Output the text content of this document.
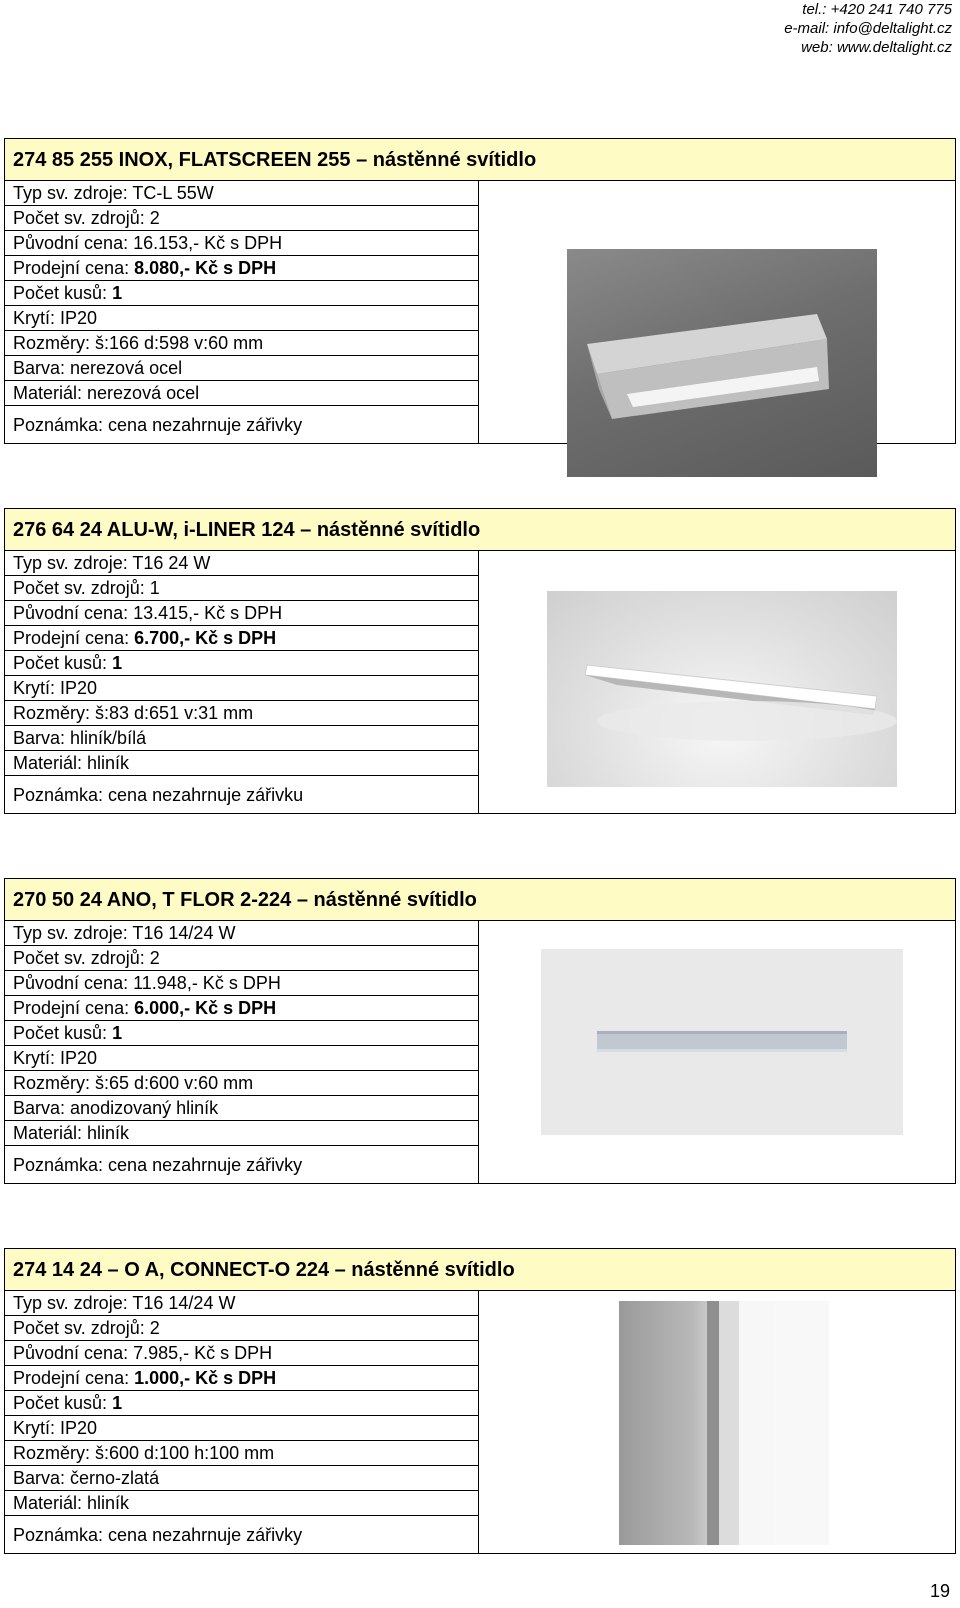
tel.: +420 241 740 775
e-mail: info@deltalight.cz
web: www.deltalight.cz
274 85 255 INOX, FLATSCREEN 255 – nástěnné svítidlo
Typ sv. zdroje: TC-L 55W
Počet sv. zdrojů: 2
Původní cena: 16.153,- Kč s DPH
Prodejní cena: 8.080,- Kč s DPH
Počet kusů: 1
Krytí: IP20
Rozměry: š:166 d:598 v:60 mm
Barva: nerezová ocel
Materiál: nerezová ocel
Poznámka: cena nezahrnuje zářivky
276 64 24 ALU-W, i-LINER 124 – nástěnné svítidlo
Typ sv. zdroje: T16 24 W
Počet sv. zdrojů: 1
Původní cena: 13.415,- Kč s DPH
Prodejní cena: 6.700,- Kč s DPH
Počet kusů: 1
Krytí: IP20
Rozměry: š:83 d:651 v:31 mm
Barva: hliník/bílá
Materiál: hliník
Poznámka: cena nezahrnuje zářivku
270 50 24 ANO, T FLOR 2-224 – nástěnné svítidlo
Typ sv. zdroje: T16 14/24 W
Počet sv. zdrojů: 2
Původní cena: 11.948,- Kč s DPH
Prodejní cena: 6.000,- Kč s DPH
Počet kusů: 1
Krytí: IP20
Rozměry: š:65 d:600 v:60 mm
Barva: anodizovaný hliník
Materiál: hliník
Poznámka: cena nezahrnuje zářivky
274 14 24 – O A, CONNECT-O 224 – nástěnné svítidlo
Typ sv. zdroje: T16 14/24 W
Počet sv. zdrojů: 2
Původní cena: 7.985,- Kč s DPH
Prodejní cena: 1.000,- Kč s DPH
Počet kusů: 1
Krytí: IP20
Rozměry: š:600 d:100 h:100 mm
Barva: černo-zlatá
Materiál: hliník
Poznámka: cena nezahrnuje zářivky
19
